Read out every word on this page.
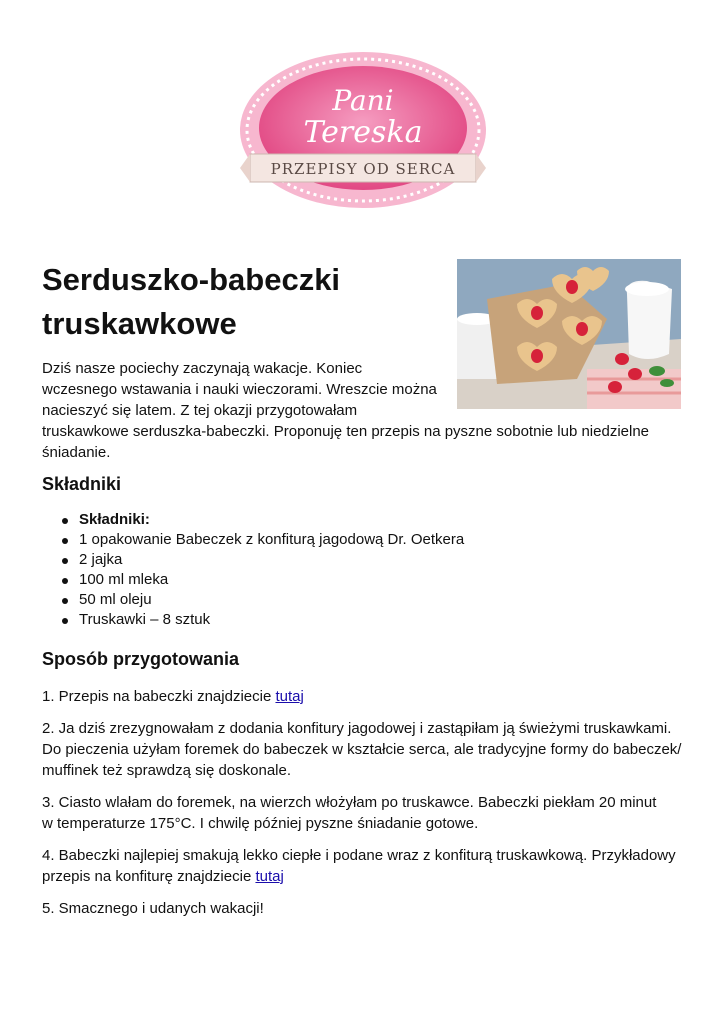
Pani
Tereska
PRZEPISY OD SERCA
Serduszko-babeczki
truskawkowe

Dziś nasze pociechy zaczynają wakacje. Koniec
wczesnego wstawania i nauki wieczorami. Wreszcie można
nacieszyć się latem. Z tej okazji przygotowałam
truskawkowe serduszka-babeczki. Proponuję ten przepis na pyszne sobotnie lub niedzielne
śniadanie.

Składniki
Składniki:
1 opakowanie Babeczek z konfiturą jagodową Dr. Oetkera
2 jajka
100 ml mleka
50 ml oleju
Truskawki – 8 sztuk
Sposób przygotowania

1. Przepis na babeczki znajdziecie tutaj

2. Ja dziś zrezygnowałam z dodania konfitury jagodowej i zastąpiłam ją świeżymi truskawkami.
Do pieczenia użyłam foremek do babeczek w kształcie serca, ale tradycyjne formy do babeczek/
muffinek też sprawdzą się doskonale.

3. Ciasto wlałam do foremek, na wierzch włożyłam po truskawce. Babeczki piekłam 20 minut
w temperaturze 175°C. I chwilę później pyszne śniadanie gotowe.

4. Babeczki najlepiej smakują lekko ciepłe i podane wraz z konfiturą truskawkową. Przykładowy
przepis na konfiturę znajdziecie tutaj

5. Smacznego i udanych wakacji!
